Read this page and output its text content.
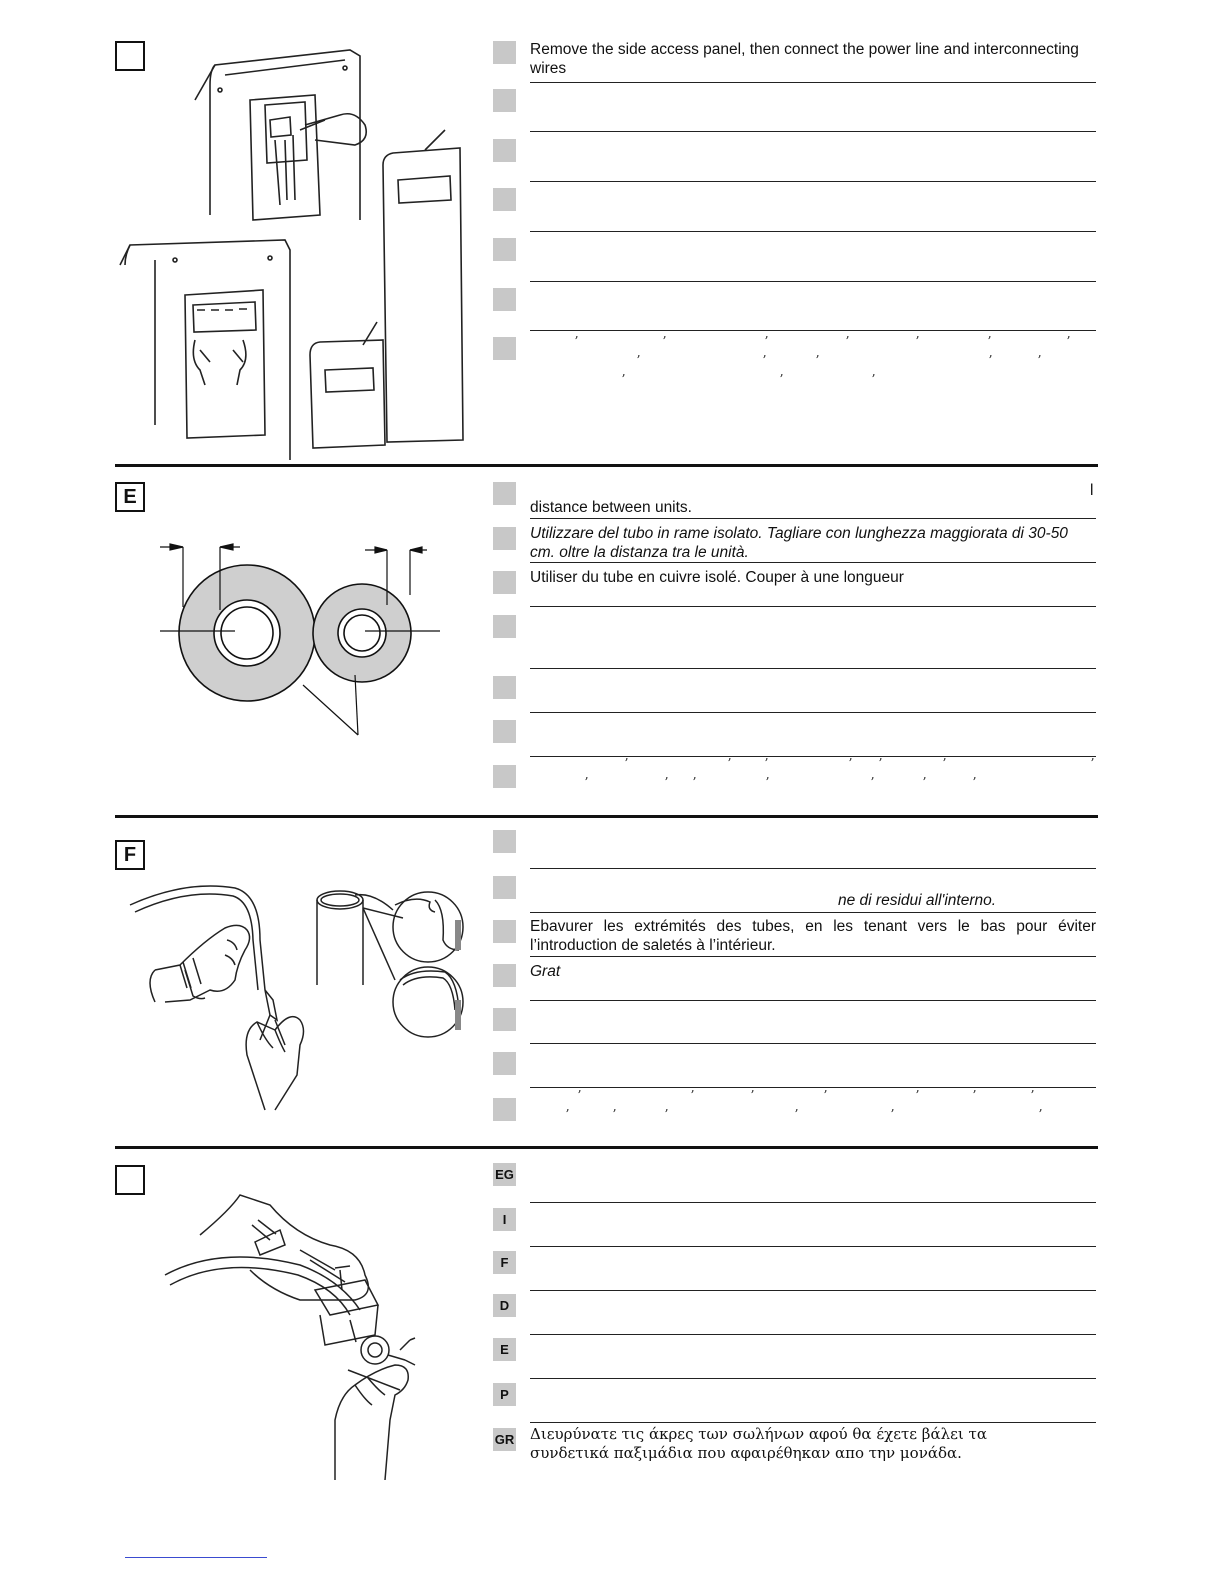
Remove the side access panel, then connect the power line and interconnecting wires
ʼ	ʼ	ʼ	ʼ	ʼ	ʼ	ʼ
ʼ	ʼ	ʼ	ʼ	ʼ
ʼ	ʼ	ʼ
E	l
distance between units.
Utilizzare del tubo in rame isolato. Tagliare con lunghezza maggiorata di 30-50 cm. oltre la distanza tra le unità.
Utiliser du tube en cuivre isolé. Couper à une longueur
ʼ	ʼ	ʼ	ʼ ʼ	ʼ	ʼ
ʼ	ʼ ʼ	ʼ	ʼ	ʼ	ʼ
F
ne di residui all'interno.
Ebavurer les extrémités des tubes, en les tenant vers le bas pour éviter l’introduction de saletés à l’intérieur.
Grat
ʼ	ʼ	ʼ	ʼ	ʼ	ʼ	ʼ
ʼ	ʼ	ʼ	ʼ	ʼ	ʼ
EG
I
F
D
E
P
GR Διευρύνατε τις άκρες των σωλήνων αφού θα έχετε βάλει τα συνδετικά παξιμάδια που αφαιρέθηκαν απο την μονάδα.
